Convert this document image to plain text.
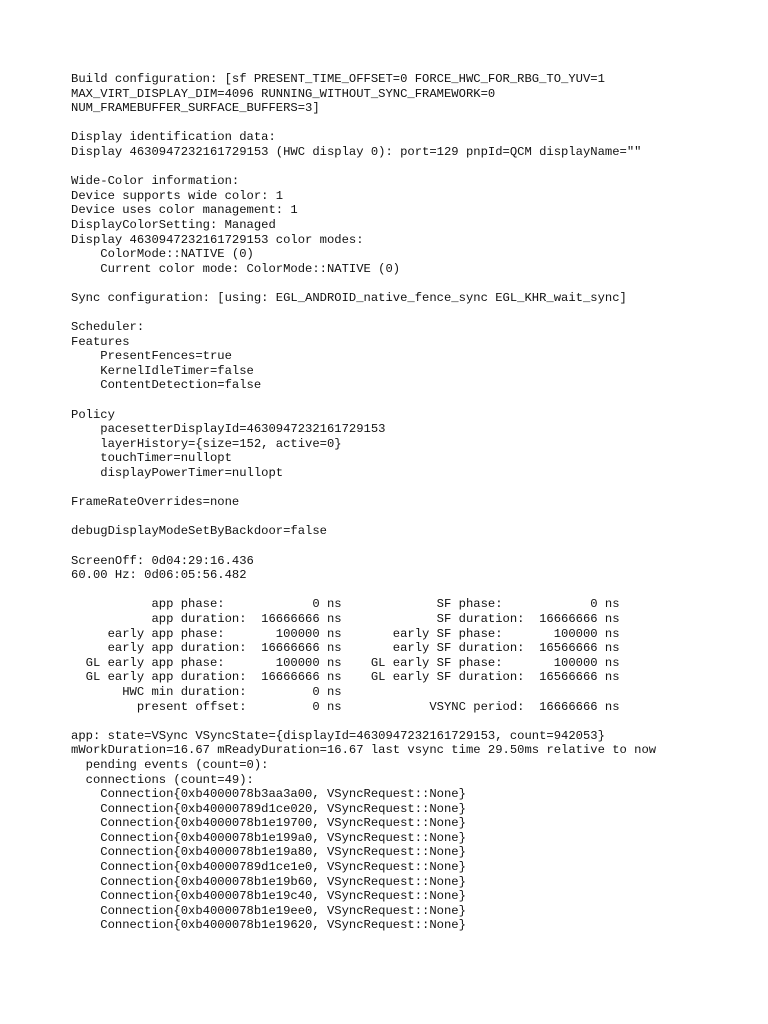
Build configuration: [sf PRESENT_TIME_OFFSET=0 FORCE_HWC_FOR_RBG_TO_YUV=1
MAX_VIRT_DISPLAY_DIM=4096 RUNNING_WITHOUT_SYNC_FRAMEWORK=0
NUM_FRAMEBUFFER_SURFACE_BUFFERS=3]
Display identification data:
Display 4630947232161729153 (HWC display 0): port=129 pnpId=QCM displayName=""
Wide-Color information:
Device supports wide color: 1
Device uses color management: 1
DisplayColorSetting: Managed
Display 4630947232161729153 color modes:
ColorMode::NATIVE (0)
Current color mode: ColorMode::NATIVE (0)
Sync configuration: [using: EGL_ANDROID_native_fence_sync EGL_KHR_wait_sync]
Scheduler:
Features
PresentFences=true
KernelIdleTimer=false
ContentDetection=false
Policy
pacesetterDisplayId=4630947232161729153
layerHistory={size=152, active=0}
touchTimer=nullopt
displayPowerTimer=nullopt
FrameRateOverrides=none
debugDisplayModeSetByBackdoor=false
ScreenOff: 0d04:29:16.436
60.00 Hz: 0d06:05:56.482
app phase:            0 ns             SF phase:            0 ns
app duration:  16666666 ns             SF duration:  16666666 ns
early app phase:       100000 ns       early SF phase:       100000 ns
early app duration:  16666666 ns       early SF duration:  16566666 ns
GL early app phase:       100000 ns    GL early SF phase:       100000 ns
GL early app duration:  16666666 ns    GL early SF duration:  16566666 ns
HWC min duration:         0 ns
present offset:         0 ns            VSYNC period:  16666666 ns
app: state=VSync VSyncState={displayId=4630947232161729153, count=942053}
mWorkDuration=16.67 mReadyDuration=16.67 last vsync time 29.50ms relative to now
pending events (count=0):
connections (count=49):
Connection{0xb4000078b3aa3a00, VSyncRequest::None}
Connection{0xb40000789d1ce020, VSyncRequest::None}
Connection{0xb4000078b1e19700, VSyncRequest::None}
Connection{0xb4000078b1e199a0, VSyncRequest::None}
Connection{0xb4000078b1e19a80, VSyncRequest::None}
Connection{0xb40000789d1ce1e0, VSyncRequest::None}
Connection{0xb4000078b1e19b60, VSyncRequest::None}
Connection{0xb4000078b1e19c40, VSyncRequest::None}
Connection{0xb4000078b1e19ee0, VSyncRequest::None}
Connection{0xb4000078b1e19620, VSyncRequest::None}
